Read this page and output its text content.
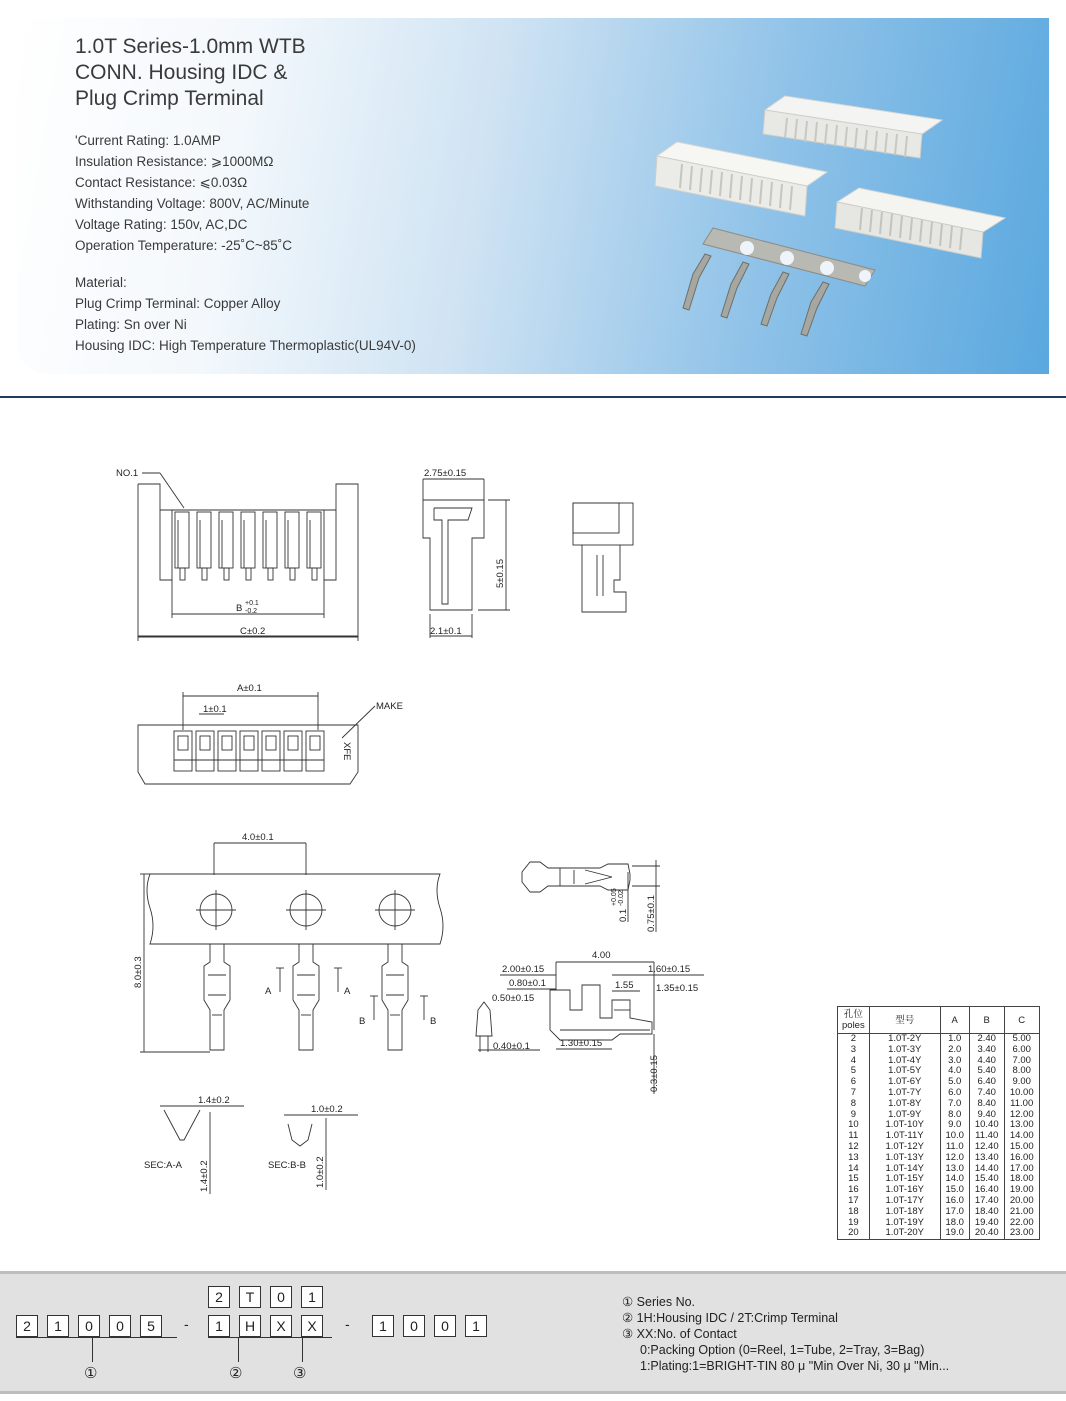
1.0T Series-1.0mm WTB
CONN. Housing IDC &
Plug Crimp Terminal
'Current Rating: 1.0AMP
Insulation Resistance: ⩾1000MΩ
Contact Resistance: ⩽0.03Ω
Withstanding Voltage: 800V, AC/Minute
Voltage Rating: 150v, AC,DC
Operation Temperature: -25˚C~85˚C
Material:
Plug Crimp Terminal: Copper Alloy
Plating: Sn over Ni
Housing IDC: High Temperature Thermoplastic(UL94V-0)
NO.1
B +0.1
-0.2
C±0.2
2.75±0.15
5±0.15
2.1±0.1
A±0.1
1±0.1	MAKE
XFE
4.0±0.1
8.0±0.3
A	A
B	B
0.75±0.1
0.1
+0.05 -0.02
4.00
2.00±0.15
0.80±0.1
1.60±0.15
1.55 1.35±0.15
0.50±0.15
1.30±0.15
0.40±0.1
0.3±0.15
1.4±0.2
1.4±0.2
SEC:A-A
1.0±0.2
1.0±0.2
SEC:B-B
孔位 poles	型号	A	B	C
2	1.0T-2Y	1.0	2.40	5.00
3	1.0T-3Y	2.0	3.40	6.00
4	1.0T-4Y	3.0	4.40	7.00
5	1.0T-5Y	4.0	5.40	8.00
6	1.0T-6Y	5.0	6.40	9.00
7	1.0T-7Y	6.0	7.40	10.00
8	1.0T-8Y	7.0	8.40	11.00
9	1.0T-9Y	8.0	9.40	12.00
10	1.0T-10Y	9.0	10.40	13.00
11	1.0T-11Y	10.0	11.40	14.00
12	1.0T-12Y	11.0	12.40	15.00
13	1.0T-13Y	12.0	13.40	16.00
14	1.0T-14Y	13.0	14.40	17.00
15	1.0T-15Y	14.0	15.40	18.00
16	1.0T-16Y	15.0	16.40	19.00
17	1.0T-17Y	16.0	17.40	20.00
18	1.0T-18Y	17.0	18.40	21.00
19	1.0T-19Y	18.0	19.40	22.00
20	1.0T-20Y	19.0	20.40	23.00
2	1	0	0	5
2	T	0	1
1	H	X	X	1	0	0	1
-	-
①	②	③
① Series No.
② 1H:Housing IDC / 2T:Crimp Terminal
③ XX:No. of Contact
0:Packing Option (0=Reel, 1=Tube, 2=Tray, 3=Bag)
1:Plating:1=BRIGHT-TIN 80 μ "Min Over Ni, 30 μ "Min...
